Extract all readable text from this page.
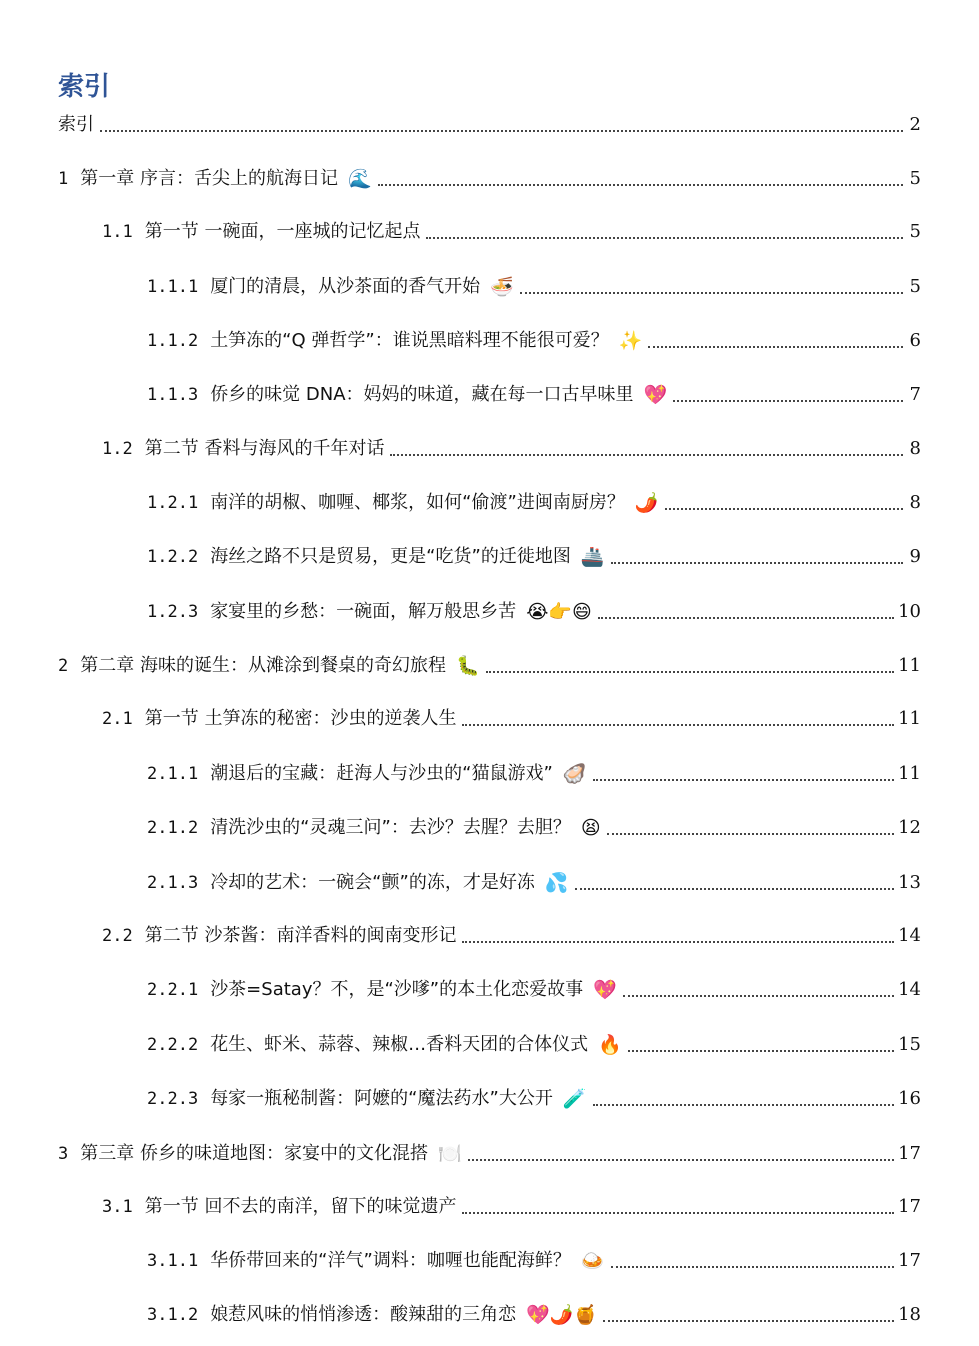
索引
索引	2
1 第一章 序言：舌尖上的航海日记 🌊	5
1.1 第一节 一碗面，一座城的记忆起点	5
1.1.1 厦门的清晨，从沙茶面的香气开始 🍜	5
1.1.2 土笋冻的“Q 弹哲学”：谁说黑暗料理不能很可爱？ ✨	6
1.1.3 侨乡的味觉 DNA：妈妈的味道，藏在每一口古早味里 💖	7
1.2 第二节 香料与海风的千年对话	8
1.2.1 南洋的胡椒、咖喱、椰浆，如何“偷渡”进闽南厨房？ 🌶️	8
1.2.2 海丝之路不只是贸易，更是“吃货”的迁徙地图 🚢	9
1.2.3 家宴里的乡愁：一碗面，解万般思乡苦 😭👉😄	10
2 第二章 海味的诞生：从滩涂到餐桌的奇幻旅程 🐛	11
2.1 第一节 土笋冻的秘密：沙虫的逆袭人生	11
2.1.1 潮退后的宝藏：赶海人与沙虫的“猫鼠游戏” 🦪	11
2.1.2 清洗沙虫的“灵魂三问”：去沙？去腥？去胆？ 😫	12
2.1.3 冷却的艺术：一碗会“颤”的冻，才是好冻 💦	13
2.2 第二节 沙茶酱：南洋香料的闽南变形记	14
2.2.1 沙茶=Satay？不，是“沙嗲”的本土化恋爱故事 💖	14
2.2.2 花生、虾米、蒜蓉、辣椒…香料天团的合体仪式 🔥	15
2.2.3 每家一瓶秘制酱：阿嬷的“魔法药水”大公开 🧪	16
3 第三章 侨乡的味道地图：家宴中的文化混搭 🍽️	17
3.1 第一节 回不去的南洋，留下的味觉遗产	17
3.1.1 华侨带回来的“洋气”调料：咖喱也能配海鲜？ 🍛	17
3.1.2 娘惹风味的悄悄渗透：酸辣甜的三角恋 💖🌶️🍯	18
